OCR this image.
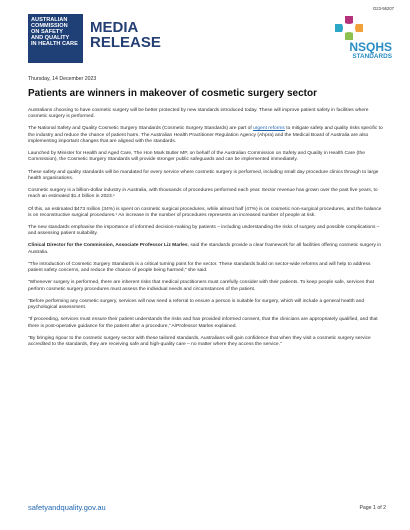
D23-56207
AUSTRALIAN
COMMISSION
ON SAFETY
AND QUALITY
IN HEALTH CARE
MEDIA
RELEASE	NSQHS
STANDARDS
Thursday, 14 December 2023
Patients are winners in makeover of cosmetic surgery sector

Australians choosing to have cosmetic surgery will be better protected by new standards introduced today. These will improve patient safety in facilities where cosmetic surgery is performed.

The National Safety and Quality Cosmetic Surgery Standards (Cosmetic Surgery Standards) are part of urgent reforms to mitigate safety and quality risks specific to the industry and reduce the chance of patient harm. The Australian Health Practitioner Regulation Agency (Ahpra) and the Medical Board of Australia are also implementing important changes that are aligned with the standards.

Launched by Minister for Health and Aged Care, The Hon Mark Butler MP, on behalf of the Australian Commission on Safety and Quality in Health Care (the Commission), the Cosmetic Surgery Standards will provide stronger public safeguards and can be implemented immediately.

These safety and quality standards will be mandated for every service where cosmetic surgery is performed, including small day procedure clinics through to large health organisations.

Cosmetic surgery is a billion-dollar industry in Australia, with thousands of procedures performed each year. Sector revenue has grown over the past five years, to reach an estimated $1.4 billion in 2023.¹

Of this, an estimated $473 million (34%) is spent on cosmetic surgical procedures, while almost half (47%) is on cosmetic non-surgical procedures, and the balance is on reconstructive surgical procedures.¹ An increase in the number of procedures represents an increased number of people at risk.

The new standards emphasise the importance of informed decision-making by patients – including understanding the risks of surgery and possible complications – and assessing patient suitability.

Clinical Director for the Commission, Associate Professor Liz Marles, said the standards provide a clear framework for all facilities offering cosmetic surgery in Australia.

“The introduction of Cosmetic Surgery Standards is a critical turning point for the sector. These standards build on sector-wide reforms and will help to address patient safety concerns, and reduce the chance of people being harmed,” she said.

“Whenever surgery is performed, there are inherent risks that medical practitioners must carefully consider with their patients. To keep people safe, services that perform cosmetic surgery procedures must assess the individual needs and circumstances of the patient.

“Before performing any cosmetic surgery, services will now need a referral to ensure a person is suitable for surgery, which will include a general health and psychological assessment.

“If proceeding, services must ensure their patient understands the risks and has provided informed consent, that the clinicians are appropriately qualified, and that there is post-operative guidance for the patient after a procedure,” A/Professor Marles explained.

“By bringing rigour to the cosmetic surgery sector with these tailored standards, Australians will gain confidence that when they visit a cosmetic surgery service accredited to the standards, they are receiving safe and high-quality care – no matter where they access the service.”

safetyandquality.gov.au	Page 1 of 2
